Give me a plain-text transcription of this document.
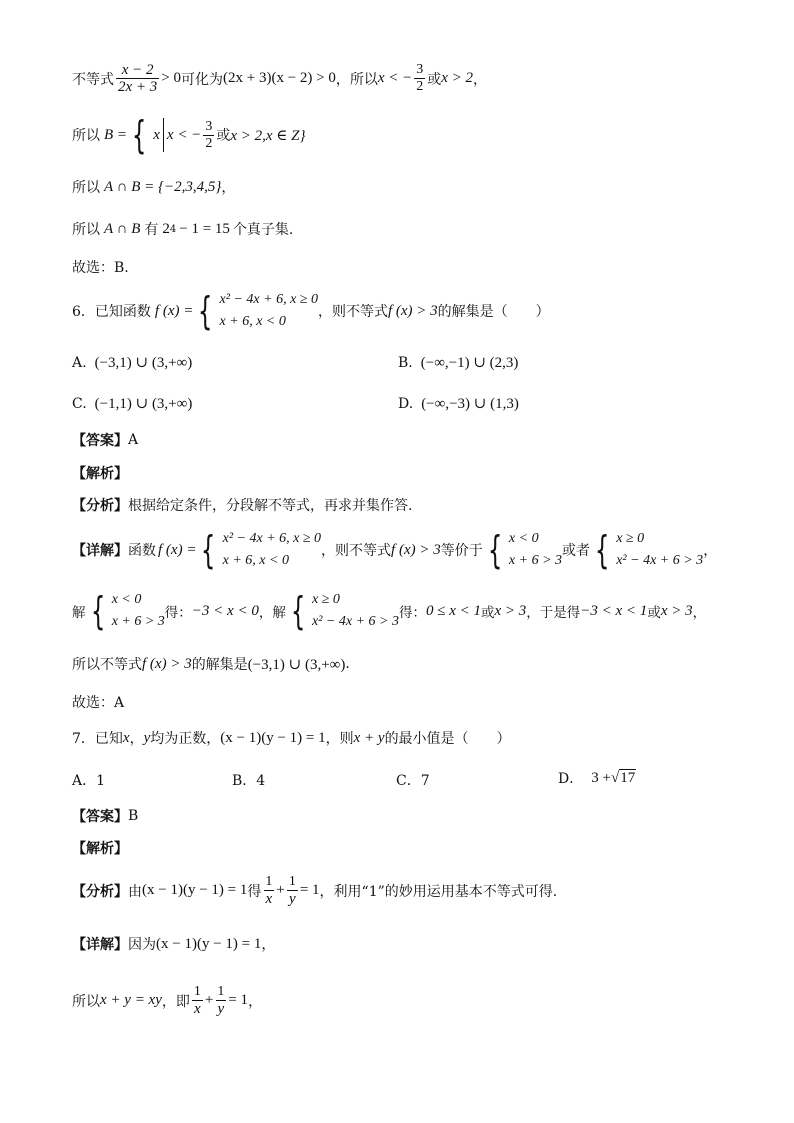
不等式 $\frac{x - 2}{2x + 3} > 0$ 可化为 (2x + 3)(x − 2) > 0 ，所以 x < − $\frac{3}{2}$ 或 x > 2 ，
所以 B = { x x < − $\frac{3}{2}$ 或 x > 2,x ∈ Z}
所以 A ∩ B = {−2,3,4,5} ，
所以 A ∩ B 有 2 4 − 1 = 15 个真子集.
故选：B.
6．已知函数 f (x) = { x² − 4x + 6, x ≥ 0
x + 6, x < 0
，则不等式 f (x) > 3 的解集是（　　）
A. (−3,1) ∪ (3,+∞)	B. (−∞,−1) ∪ (2,3)
C. (−1,1) ∪ (3,+∞)	D. (−∞,−3) ∪ (1,3)
【答案】 A
【解析】
【分析】 根据给定条件，分段解不等式，再求并集作答.
【详解】 函数 f (x) = { x² − 4x + 6, x ≥ 0
x + 6, x < 0
，则不等式 f (x) > 3 等价于 { x < 0
x + 6 > 3
或者 { x ≥ 0
x² − 4x + 6 > 3
，
解 { x < 0
x + 6 > 3
得： −3 < x < 0 ，解 { x ≥ 0
x² − 4x + 6 > 3
得： 0 ≤ x < 1 或 x > 3 ，于是得 −3 < x < 1 或 x > 3 ，
所以不等式 f (x) > 3 的解集是 (−3,1) ∪ (3,+∞) .
故选：A
7．已知 x ， y 均为正数， (x − 1)(y − 1) = 1 ，则 x + y 的最小值是（　　）
A．1	B．4	C．7	D． 3 + √ 17
【答案】 B
【解析】
【分析】 由 (x − 1)(y − 1) = 1 得 $\frac{1}{x} + \frac{1}{y} = 1$ ，利用“1”的妙用运用基本不等式可得.
【详解】 因为 (x − 1)(y − 1) = 1 ，
所以 x + y = xy ，即 $\frac{1}{x} + \frac{1}{y} = 1$ ，
